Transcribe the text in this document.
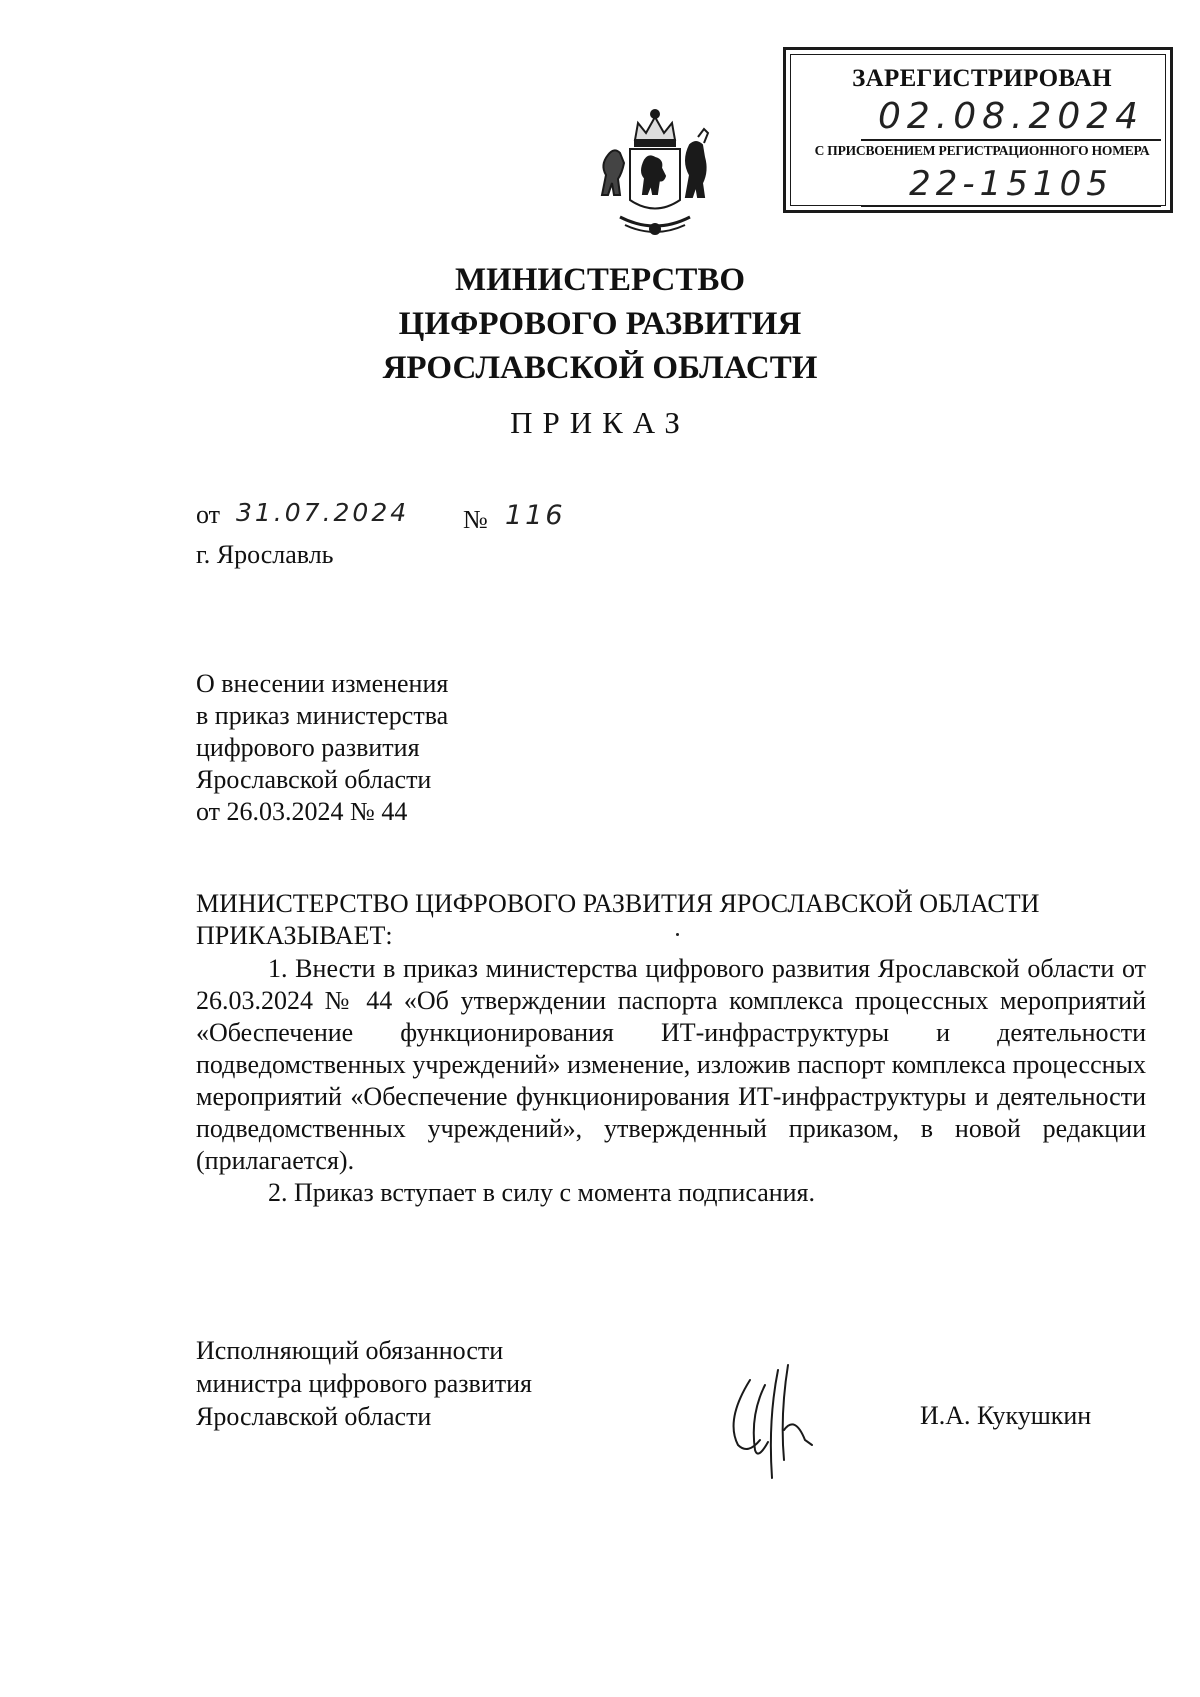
ЗАРЕГИСТРИРОВАН
02.08.2024
С ПРИСВОЕНИЕМ РЕГИСТРАЦИОННОГО НОМЕРА
22-15105
МИНИСТЕРСТВО
ЦИФРОВОГО РАЗВИТИЯ
ЯРОСЛАВСКОЙ ОБЛАСТИ
ПРИКАЗ
от 31.07.2024 № 116
г. Ярославль
О внесении изменения
в приказ министерства
цифрового развития
Ярославской области
от 26.03.2024 № 44
МИНИСТЕРСТВО ЦИФРОВОГО РАЗВИТИЯ ЯРОСЛАВСКОЙ ОБЛАСТИ
ПРИКАЗЫВАЕТ:

1. Внести в приказ министерства цифрового развития Ярославской области от 26.03.2024 № 44 «Об утверждении паспорта комплекса процессных мероприятий «Обеспечение функционирования ИТ-инфраструктуры и деятельности подведомственных учреждений» изменение, изложив паспорт комплекса процессных мероприятий «Обеспечение функционирования ИТ-инфраструктуры и деятельности подведомственных учреждений», утвержденный приказом, в новой редакции (прилагается).

2. Приказ вступает в силу с момента подписания.

Исполняющий обязанности
министра цифрового развития
Ярославской области	И.А. Кукушкин
